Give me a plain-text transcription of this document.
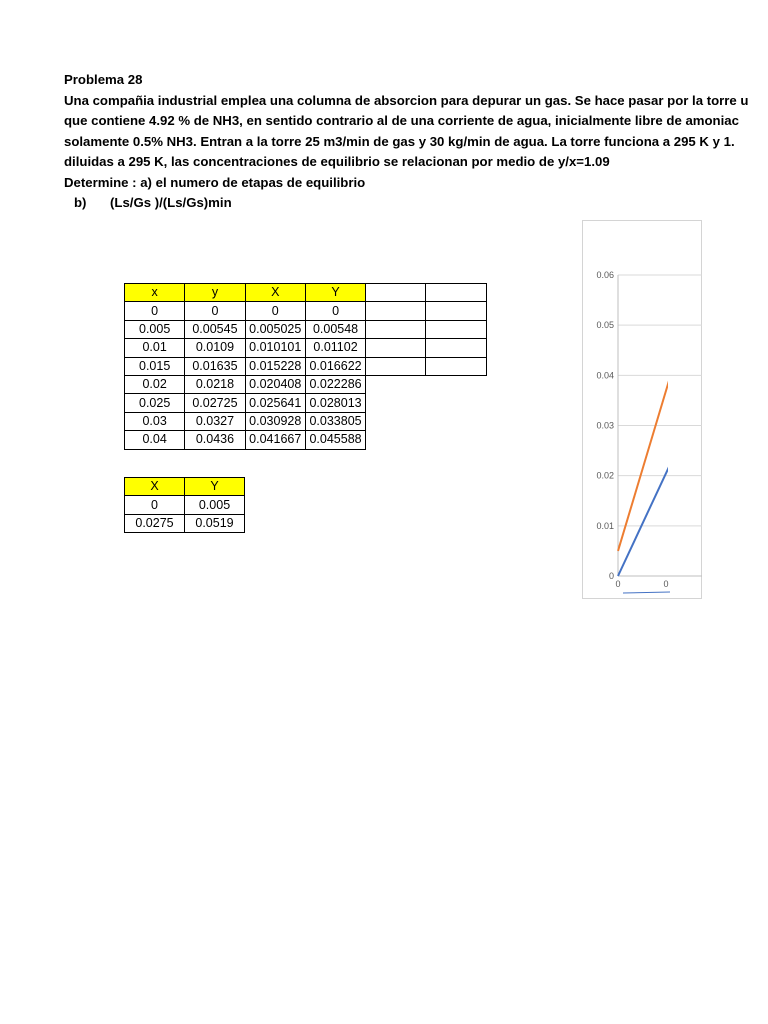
Problema 28
Una compañia industrial emplea una columna de absorcion para depurar un gas. Se hace pasar por la torre u
que contiene 4.92 % de NH3, en sentido contrario al de una corriente de agua, inicialmente libre de amoniac
solamente 0.5% NH3. Entran a la torre 25 m3/min de gas y 30 kg/min de agua. La torre funciona a 295 K y 1.
diluidas a 295 K, las concentraciones de equilibrio se relacionan por medio de y/x=1.09
Determine : a) el numero de etapas de equilibrio
b) (Ls/Gs )/(Ls/Gs)min
x	y	X	Y		
0	0	0	0		
0.005	0.00545	0.005025	0.00548		
0.01	0.0109	0.010101	0.01102		
0.015	0.01635	0.015228	0.016622		
0.02	0.0218	0.020408	0.022286		
0.025	0.02725	0.025641	0.028013		
0.03	0.0327	0.030928	0.033805		
0.04	0.0436	0.041667	0.045588		
X	Y
0	0.005
0.0275	0.0519
0.06
0.05
0.04
0.03
0.02
0.01
0
0	0
